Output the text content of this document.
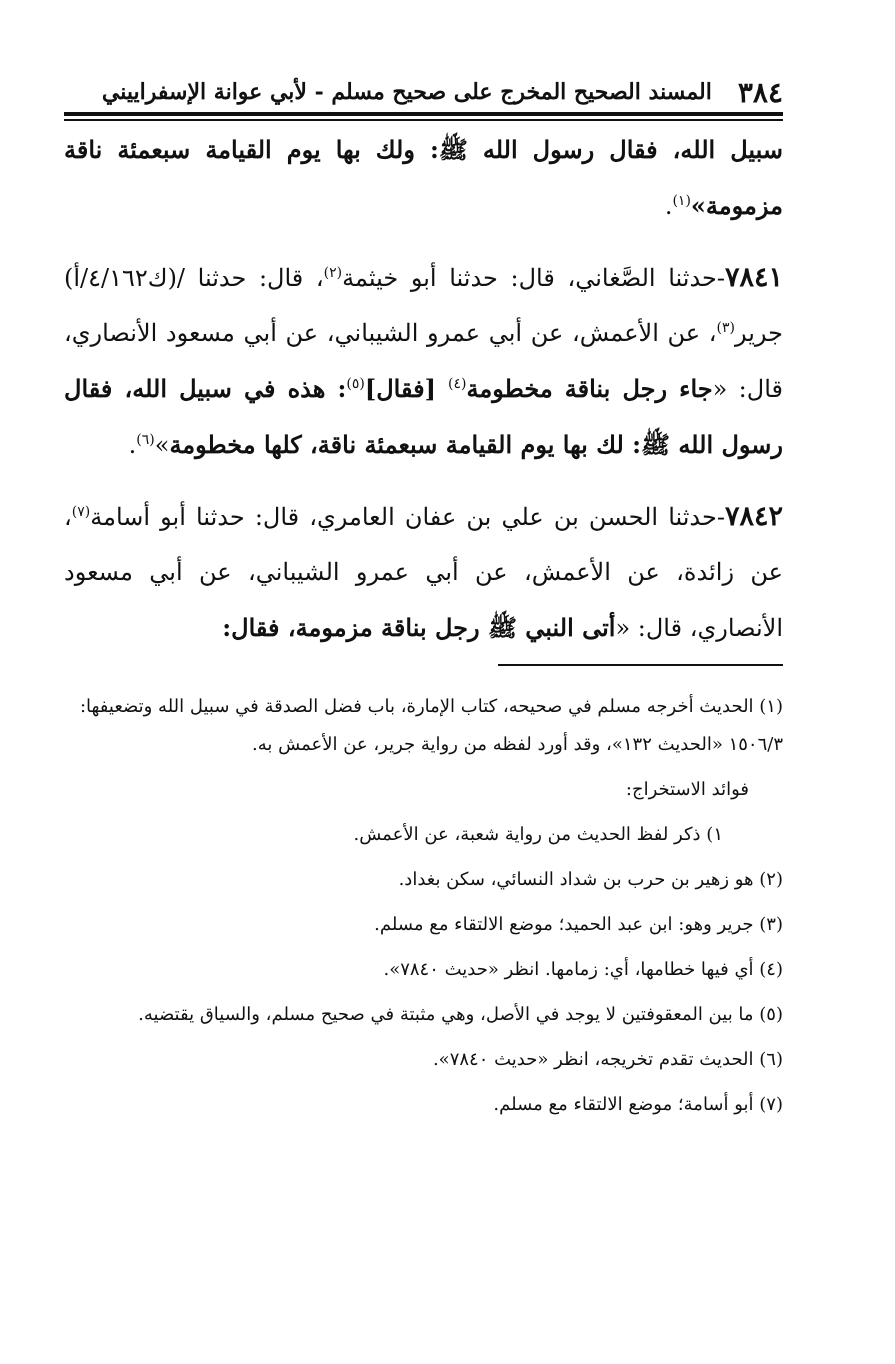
٣٨٤
المسند الصحيح المخرج على صحيح مسلم - لأبي عوانة الإسفراييني

سبيل الله، فقال رسول الله ﷺ: ولك بها يوم القيامة سبعمئة ناقة مزمومة»$^{(١)}$.

٧٨٤١-حدثنا الصَّغاني، قال: حدثنا أبو خيثمة$^{(٢)}$، قال: حدثنا /(ك٤/١٦٢/أ) جرير$^{(٣)}$، عن الأعمش، عن أبي عمرو الشيباني، عن أبي مسعود الأنصاري، قال: «جاء رجل بناقة مخطومة$^{(٤)}$ [فقال]$^{(٥)}$: هذه في سبيل الله، فقال رسول الله ﷺ: لك بها يوم القيامة سبعمئة ناقة، كلها مخطومة»$^{(٦)}$.

٧٨٤٢-حدثنا الحسن بن علي بن عفان العامري، قال: حدثنا أبو أسامة$^{(٧)}$، عن زائدة، عن الأعمش، عن أبي عمرو الشيباني، عن أبي مسعود الأنصاري، قال: «أتى النبي ﷺ رجل بناقة مزمومة، فقال:

(١) الحديث أخرجه مسلم في صحيحه، كتاب الإمارة، باب فضل الصدقة في سبيل الله وتضعيفها: ١٥٠٦/٣ «الحديث ١٣٢»، وقد أورد لفظه من رواية جرير، عن الأعمش به.
فوائد الاستخراج:
١) ذكر لفظ الحديث من رواية شعبة، عن الأعمش.
(٢) هو زهير بن حرب بن شداد النسائي، سكن بغداد.
(٣) جرير وهو: ابن عبد الحميد؛ موضع الالتقاء مع مسلم.
(٤) أي فيها خطامها، أي: زمامها. انظر «حديث ٧٨٤٠».
(٥) ما بين المعقوفتين لا يوجد في الأصل، وهي مثبتة في صحيح مسلم، والسياق يقتضيه.
(٦) الحديث تقدم تخريجه، انظر «حديث ٧٨٤٠».
(٧) أبو أسامة؛ موضع الالتقاء مع مسلم.
